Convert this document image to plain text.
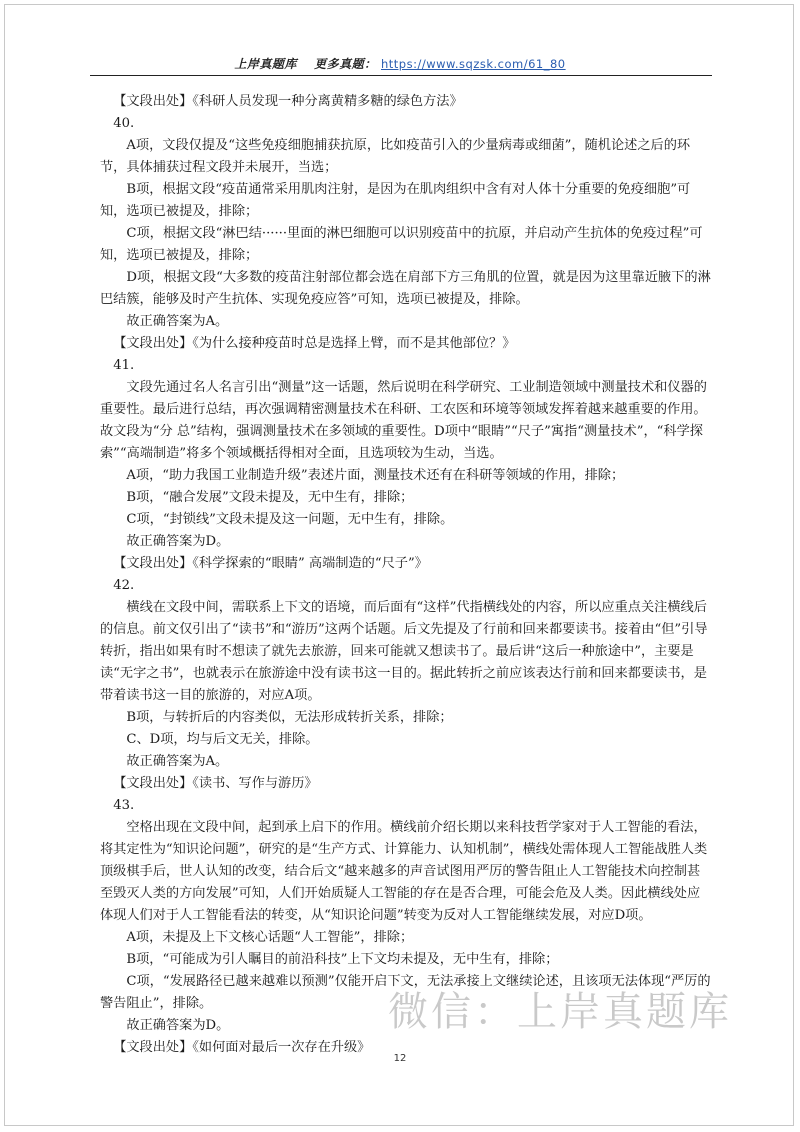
上岸真题库 更多真题： https://www.sqzsk.com/61_80

【文段出处】《科研人员发现一种分离黄精多糖的绿色方法》

40.

A项，文段仅提及“这些免疫细胞捕获抗原，比如疫苗引入的少量病毒或细菌”，随机论述之后的环节，具体捕获过程文段并未展开，当选；

B项，根据文段“疫苗通常采用肌肉注射，是因为在肌肉组织中含有对人体十分重要的免疫细胞”可知，选项已被提及，排除；

C项，根据文段“淋巴结······里面的淋巴细胞可以识别疫苗中的抗原，并启动产生抗体的免疫过程”可知，选项已被提及，排除；

D项，根据文段“大多数的疫苗注射部位都会选在肩部下方三角肌的位置，就是因为这里靠近腋下的淋巴结簇，能够及时产生抗体、实现免疫应答”可知，选项已被提及，排除。

故正确答案为A。

【文段出处】《为什么接种疫苗时总是选择上臂，而不是其他部位？》

41.

文段先通过名人名言引出“测量”这一话题，然后说明在科学研究、工业制造领域中测量技术和仪器的重要性。最后进行总结，再次强调精密测量技术在科研、工农医和环境等领域发挥着越来越重要的作用。故文段为“分 总”结构，强调测量技术在多领域的重要性。D项中“眼睛”“尺子”寓指“测量技术”，“科学探索”“高端制造”将多个领域概括得相对全面，且选项较为生动，当选。

A项，“助力我国工业制造升级”表述片面，测量技术还有在科研等领域的作用，排除；

B项，“融合发展”文段未提及，无中生有，排除；

C项，“封锁线”文段未提及这一问题，无中生有，排除。

故正确答案为D。

【文段出处】《科学探索的“眼睛” 高端制造的“尺子”》

42.

横线在文段中间，需联系上下文的语境，而后面有“这样”代指横线处的内容，所以应重点关注横线后的信息。前文仅引出了“读书”和“游历”这两个话题。后文先提及了行前和回来都要读书。接着由“但”引导转折，指出如果有时不想读了就先去旅游，回来可能就又想读书了。最后讲“这后一种旅途中”，主要是读“无字之书”，也就表示在旅游途中没有读书这一目的。据此转折之前应该表达行前和回来都要读书，是带着读书这一目的旅游的，对应A项。

B项，与转折后的内容类似，无法形成转折关系，排除；

C、D项，均与后文无关，排除。

故正确答案为A。

【文段出处】《读书、写作与游历》

43.

空格出现在文段中间，起到承上启下的作用。横线前介绍长期以来科技哲学家对于人工智能的看法，将其定性为“知识论问题”，研究的是“生产方式、计算能力、认知机制”，横线处需体现人工智能战胜人类顶级棋手后，世人认知的改变，结合后文“越来越多的声音试图用严厉的警告阻止人工智能技术向控制甚至毁灭人类的方向发展”可知，人们开始质疑人工智能的存在是否合理，可能会危及人类。因此横线处应体现人们对于人工智能看法的转变，从“知识论问题”转变为反对人工智能继续发展，对应D项。

A项，未提及上下文核心话题“人工智能”，排除；

B项，“可能成为引人瞩目的前沿科技”上下文均未提及，无中生有，排除；

C项，“发展路径已越来越难以预测”仅能开启下文，无法承接上文继续论述，且该项无法体现“严厉的警告阻止”，排除。

故正确答案为D。

【文段出处】《如何面对最后一次存在升级》

微信：上岸真题库
12
